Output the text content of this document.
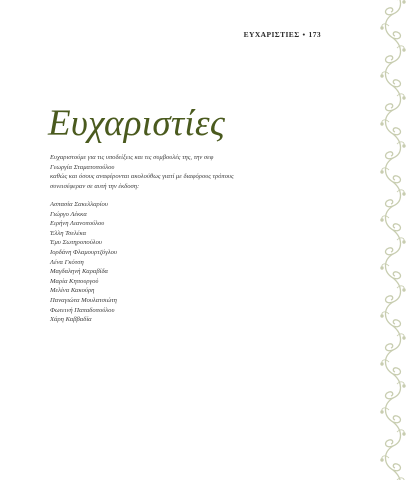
ΕΥΧΑΡΙΣΤΙΕΣ • 173
Ευχαριστίες
Ευχαριστούμε για τις υποδείξεις και τις συμβουλές της, την σεφ
Γεωργία Σταματοπούλου
καθώς και όσους αναφέρονται ακολούθως γιατί με διαφόρους τρόπους
συνεισέφεραν σε αυτή την έκδοση:
Ασπασία Σακελλαρίου
Γιώργο Λέκκα
Ειρήνη Λιανοπούλου
Έλλη Τσελέκα
Έμυ Σωτηροπούλου
Ιορδάνη Φλαμουρτζόγλου
Λένα Γκότση
Μαγδαληνή Καραβίδα
Μαρία Κηπουργού
Μελίνα Κακούρη
Παναγιώτα Μουλατσιώτη
Φωτεινή Παπαδοπούλου
Χάρη Καββαδία
